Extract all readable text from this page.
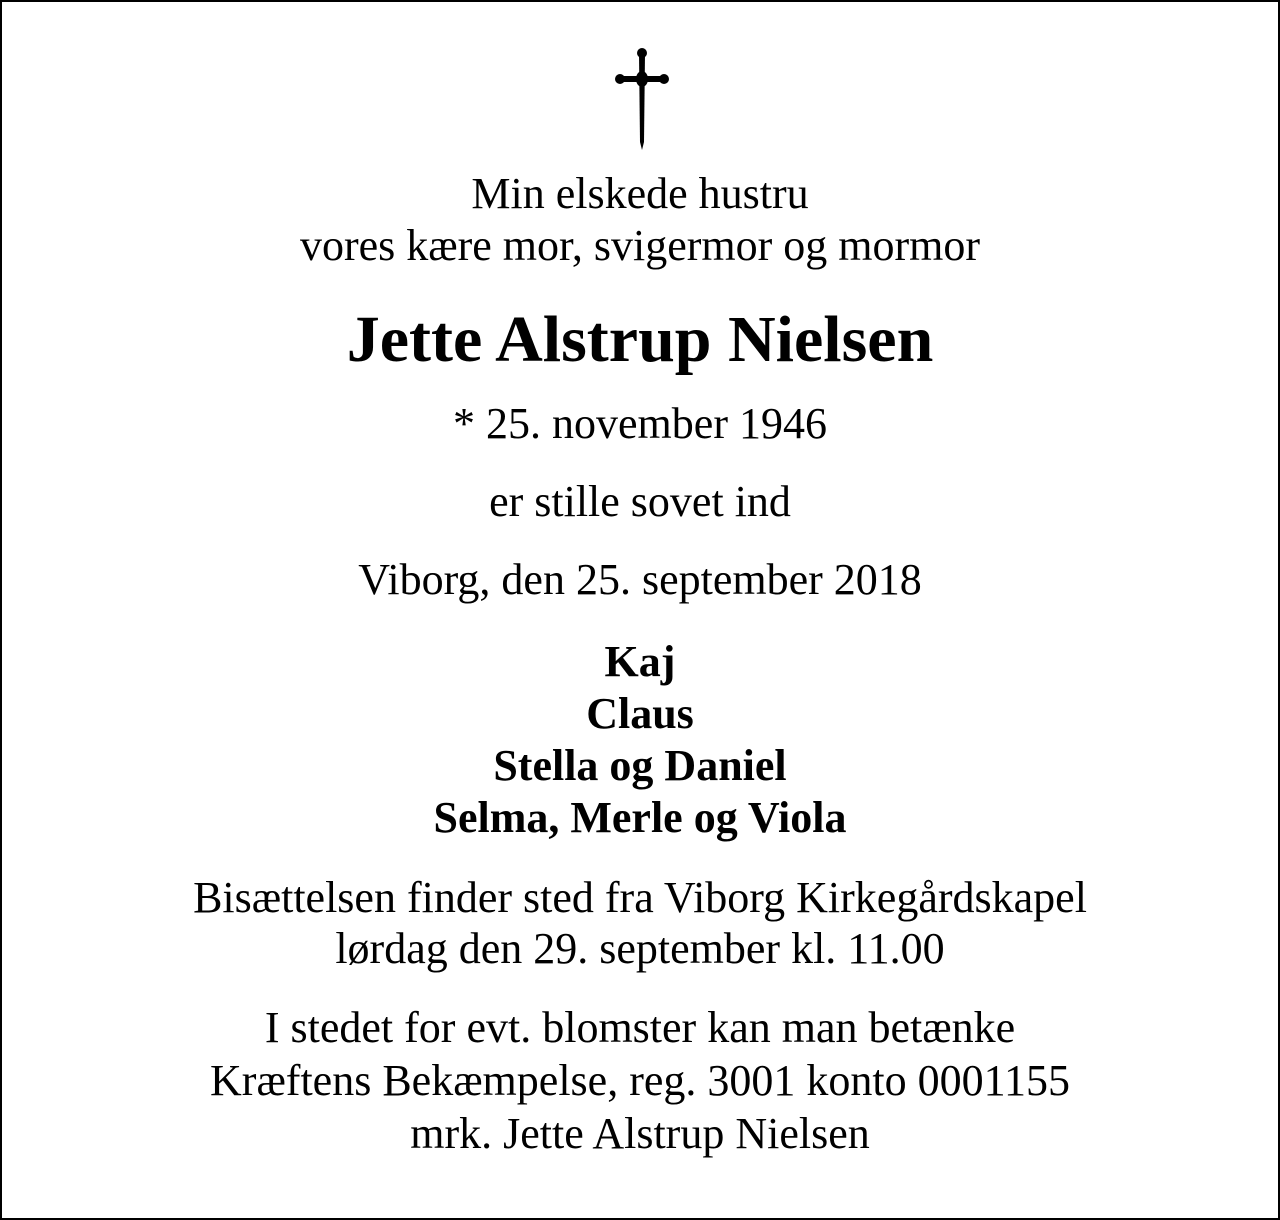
Min elskede hustru
vores kære mor, svigermor og mormor
Jette Alstrup Nielsen
* 25. november 1946
er stille sovet ind
Viborg, den 25. september 2018
Kaj
Claus
Stella og Daniel
Selma, Merle og Viola
Bisættelsen finder sted fra Viborg Kirkegårdskapel
lørdag den 29. september kl. 11.00
I stedet for evt. blomster kan man betænke
Kræftens Bekæmpelse, reg. 3001 konto 0001155
mrk. Jette Alstrup Nielsen
